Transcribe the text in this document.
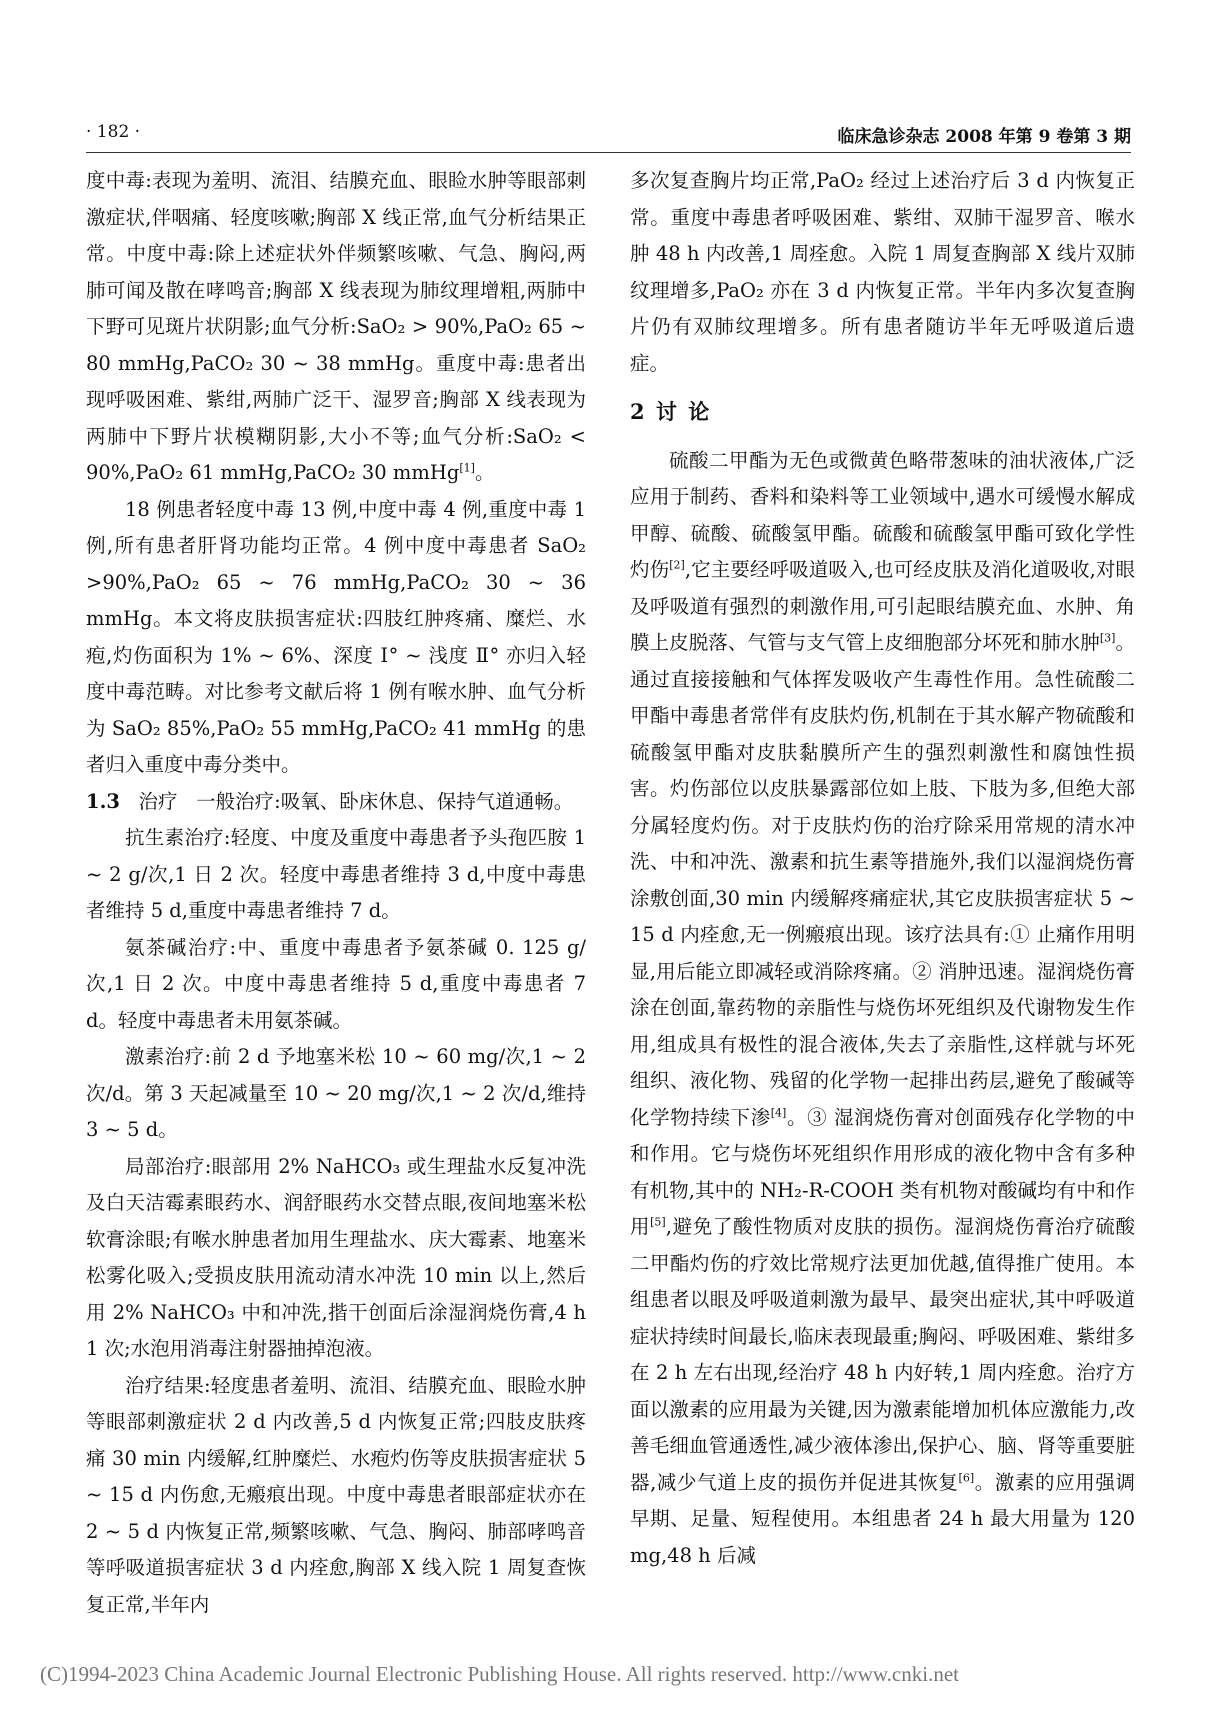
· 182 ·	临床急诊杂志 2008 年第 9 卷第 3 期

度中毒:表现为羞明、流泪、结膜充血、眼睑水肿等眼部刺激症状,伴咽痛、轻度咳嗽;胸部 X 线正常,血气分析结果正常。中度中毒:除上述症状外伴频繁咳嗽、气急、胸闷,两肺可闻及散在哮鸣音;胸部 X 线表现为肺纹理增粗,两肺中下野可见斑片状阴影;血气分析:SaO₂ > 90%,PaO₂ 65 ~ 80 mmHg,PaCO₂ 30 ~ 38 mmHg。重度中毒:患者出现呼吸困难、紫绀,两肺广泛干、湿罗音;胸部 X 线表现为两肺中下野片状模糊阴影,大小不等;血气分析:SaO₂ < 90%,PaO₂ 61 mmHg,PaCO₂ 30 mmHg[1]。

18 例患者轻度中毒 13 例,中度中毒 4 例,重度中毒 1 例,所有患者肝肾功能均正常。4 例中度中毒患者 SaO₂ >90%,PaO₂ 65 ~ 76 mmHg,PaCO₂ 30 ~ 36 mmHg。本文将皮肤损害症状:四肢红肿疼痛、糜烂、水疱,灼伤面积为 1% ~ 6%、深度 Ⅰ° ~ 浅度 Ⅱ° 亦归入轻度中毒范畴。对比参考文献后将 1 例有喉水肿、血气分析为 SaO₂ 85%,PaO₂ 55 mmHg,PaCO₂ 41 mmHg 的患者归入重度中毒分类中。

1.3 治疗 一般治疗:吸氧、卧床休息、保持气道通畅。

抗生素治疗:轻度、中度及重度中毒患者予头孢匹胺 1 ~ 2 g/次,1 日 2 次。轻度中毒患者维持 3 d,中度中毒患者维持 5 d,重度中毒患者维持 7 d。

氨茶碱治疗:中、重度中毒患者予氨茶碱 0. 125 g/次,1 日 2 次。中度中毒患者维持 5 d,重度中毒患者 7 d。轻度中毒患者未用氨茶碱。

激素治疗:前 2 d 予地塞米松 10 ~ 60 mg/次,1 ~ 2 次/d。第 3 天起减量至 10 ~ 20 mg/次,1 ~ 2 次/d,维持 3 ~ 5 d。

局部治疗:眼部用 2% NaHCO₃ 或生理盐水反复冲洗及白天洁霉素眼药水、润舒眼药水交替点眼,夜间地塞米松软膏涂眼;有喉水肿患者加用生理盐水、庆大霉素、地塞米松雾化吸入;受损皮肤用流动清水冲洗 10 min 以上,然后用 2% NaHCO₃ 中和冲洗,揩干创面后涂湿润烧伤膏,4 h 1 次;水泡用消毒注射器抽掉泡液。

治疗结果:轻度患者羞明、流泪、结膜充血、眼睑水肿等眼部刺激症状 2 d 内改善,5 d 内恢复正常;四肢皮肤疼痛 30 min 内缓解,红肿糜烂、水疱灼伤等皮肤损害症状 5 ~ 15 d 内伤愈,无瘢痕出现。中度中毒患者眼部症状亦在 2 ~ 5 d 内恢复正常,频繁咳嗽、气急、胸闷、肺部哮鸣音等呼吸道损害症状 3 d 内痊愈,胸部 X 线入院 1 周复查恢复正常,半年内

多次复查胸片均正常,PaO₂ 经过上述治疗后 3 d 内恢复正常。重度中毒患者呼吸困难、紫绀、双肺干湿罗音、喉水肿 48 h 内改善,1 周痊愈。入院 1 周复查胸部 X 线片双肺纹理增多,PaO₂ 亦在 3 d 内恢复正常。半年内多次复查胸片仍有双肺纹理增多。所有患者随访半年无呼吸道后遗症。

2 讨 论

硫酸二甲酯为无色或微黄色略带葱味的油状液体,广泛应用于制药、香料和染料等工业领域中,遇水可缓慢水解成甲醇、硫酸、硫酸氢甲酯。硫酸和硫酸氢甲酯可致化学性灼伤[2],它主要经呼吸道吸入,也可经皮肤及消化道吸收,对眼及呼吸道有强烈的刺激作用,可引起眼结膜充血、水肿、角膜上皮脱落、气管与支气管上皮细胞部分坏死和肺水肿[3]。通过直接接触和气体挥发吸收产生毒性作用。急性硫酸二甲酯中毒患者常伴有皮肤灼伤,机制在于其水解产物硫酸和硫酸氢甲酯对皮肤黏膜所产生的强烈刺激性和腐蚀性损害。灼伤部位以皮肤暴露部位如上肢、下肢为多,但绝大部分属轻度灼伤。对于皮肤灼伤的治疗除采用常规的清水冲洗、中和冲洗、激素和抗生素等措施外,我们以湿润烧伤膏涂敷创面,30 min 内缓解疼痛症状,其它皮肤损害症状 5 ~ 15 d 内痊愈,无一例瘢痕出现。该疗法具有:① 止痛作用明显,用后能立即减轻或消除疼痛。② 消肿迅速。湿润烧伤膏涂在创面,靠药物的亲脂性与烧伤坏死组织及代谢物发生作用,组成具有极性的混合液体,失去了亲脂性,这样就与坏死组织、液化物、残留的化学物一起排出药层,避免了酸碱等化学物持续下渗[4]。③ 湿润烧伤膏对创面残存化学物的中和作用。它与烧伤坏死组织作用形成的液化物中含有多种有机物,其中的 NH₂-R-COOH 类有机物对酸碱均有中和作用[5],避免了酸性物质对皮肤的损伤。湿润烧伤膏治疗硫酸二甲酯灼伤的疗效比常规疗法更加优越,值得推广使用。本组患者以眼及呼吸道刺激为最早、最突出症状,其中呼吸道症状持续时间最长,临床表现最重;胸闷、呼吸困难、紫绀多在 2 h 左右出现,经治疗 48 h 内好转,1 周内痊愈。治疗方面以激素的应用最为关键,因为激素能增加机体应激能力,改善毛细血管通透性,减少液体渗出,保护心、脑、肾等重要脏器,减少气道上皮的损伤并促进其恢复[6]。激素的应用强调早期、足量、短程使用。本组患者 24 h 最大用量为 120 mg,48 h 后减

(C)1994-2023 China Academic Journal Electronic Publishing House. All rights reserved. http://www.cnki.net
